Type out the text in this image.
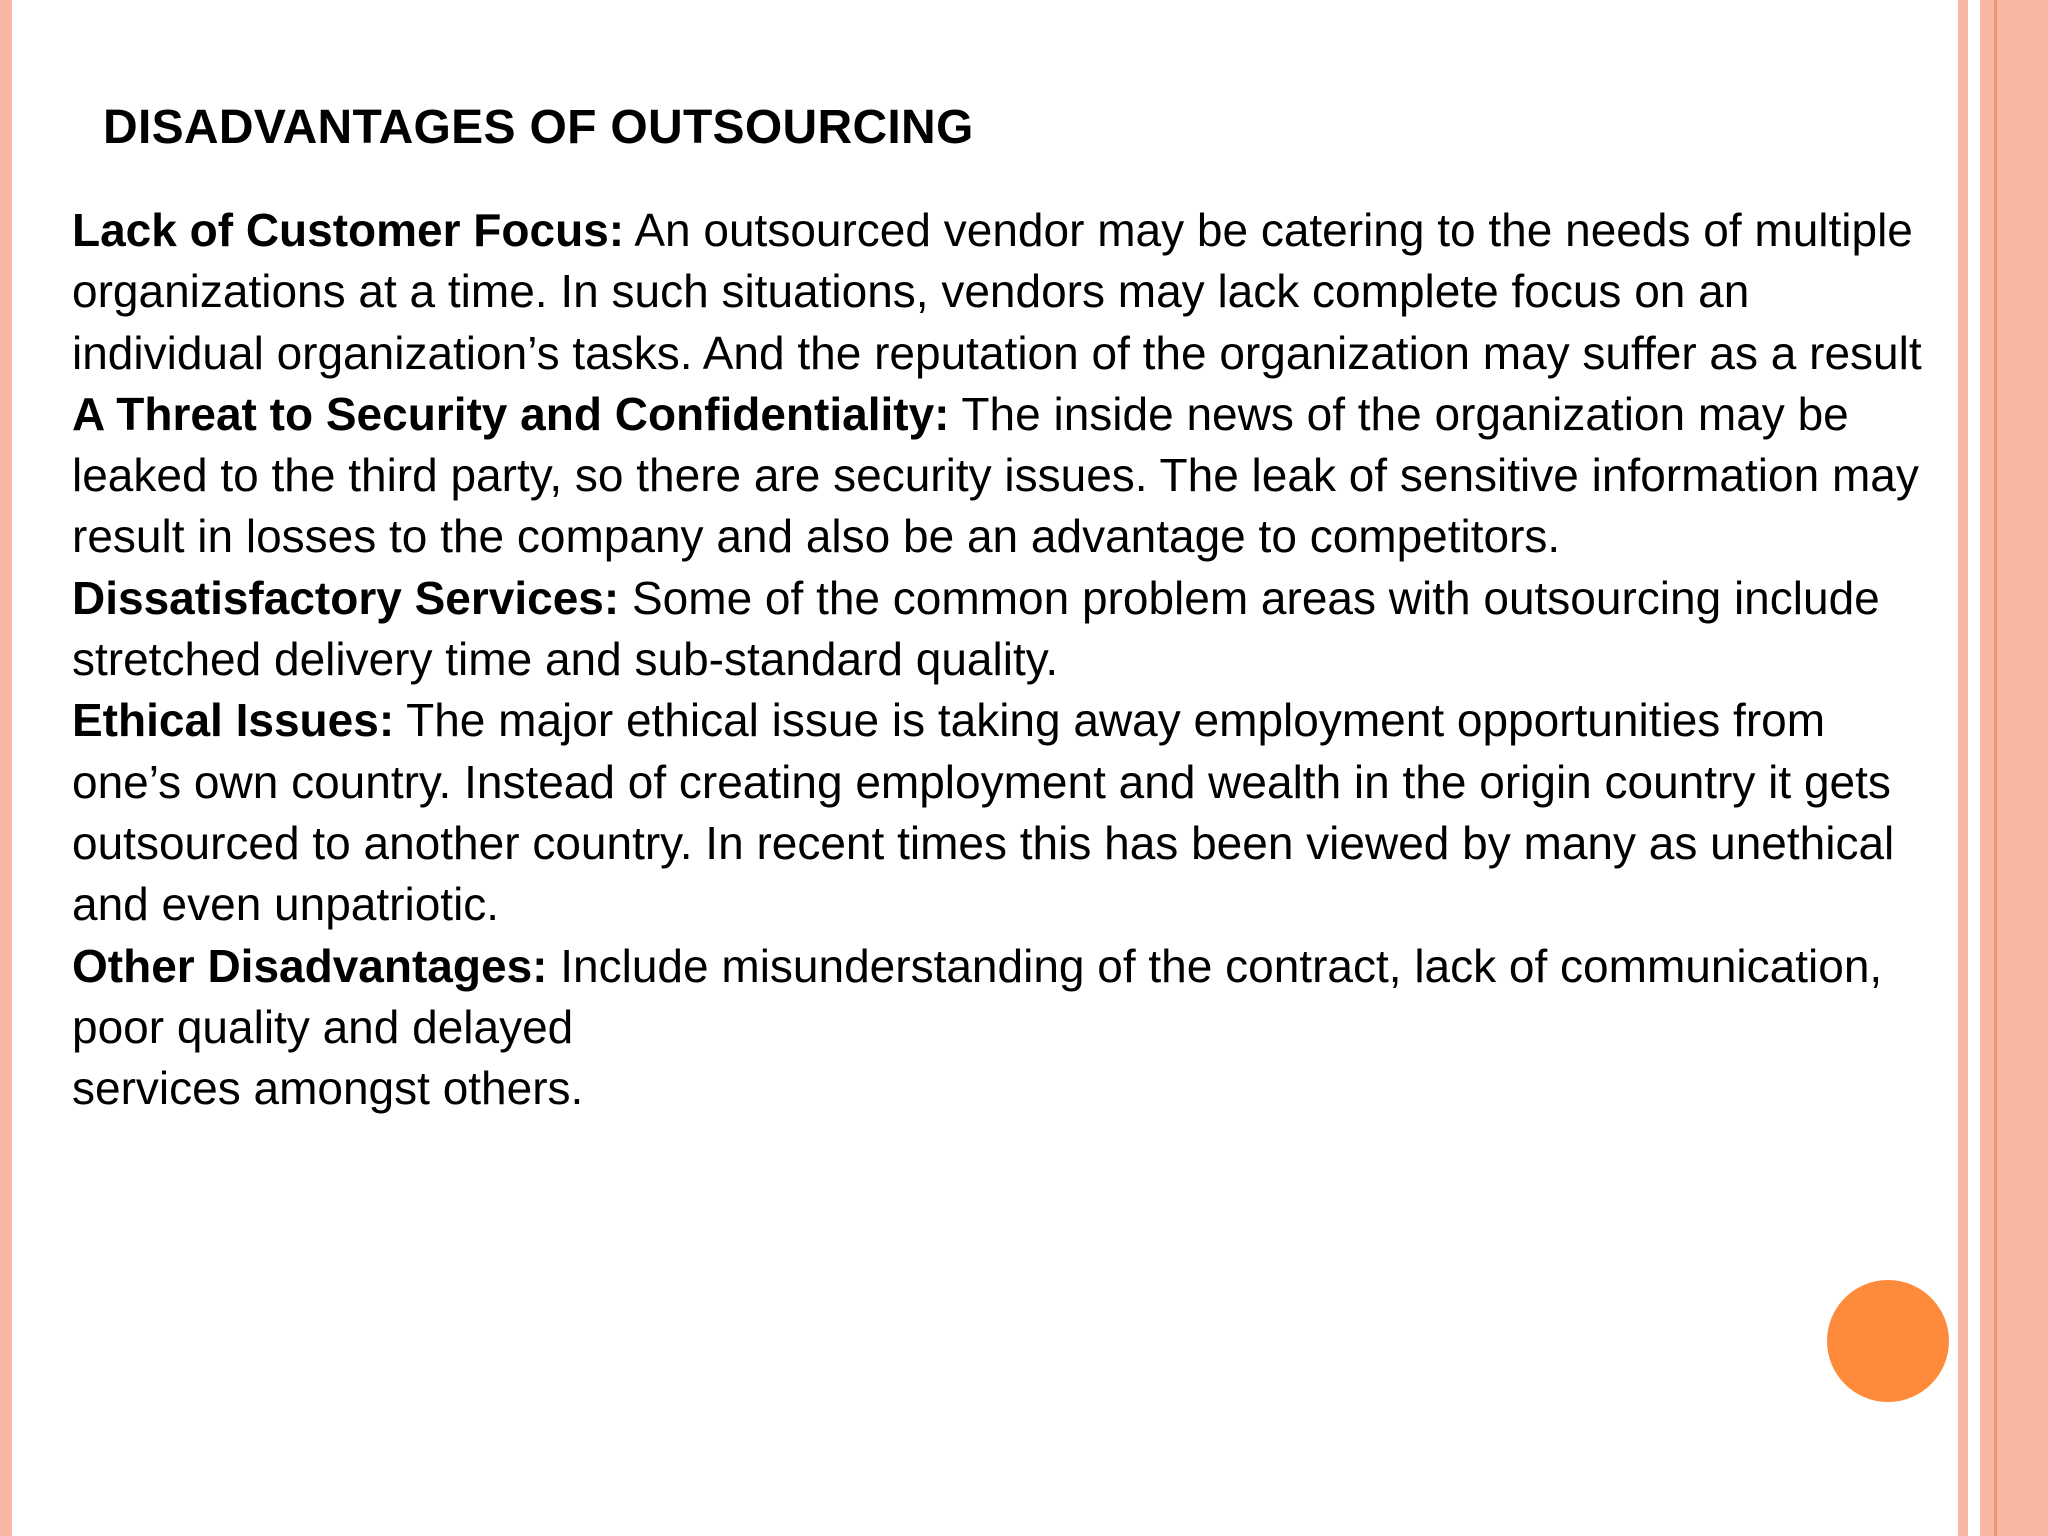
DISADVANTAGES OF OUTSOURCING

Lack of Customer Focus: An outsourced vendor may be catering to the needs of multiple organizations at a time. In such situations, vendors may lack complete focus on an individual organization’s tasks. And the reputation of the organization may suffer as a result

A Threat to Security and Confidentiality: The inside news of the organization may be leaked to the third party, so there are security issues. The leak of sensitive information may result in losses to the company and also be an advantage to competitors.

Dissatisfactory Services: Some of the common problem areas with outsourcing include stretched delivery time and sub-standard quality.

Ethical Issues: The major ethical issue is taking away employment opportunities from one’s own country. Instead of creating employment and wealth in the origin country it gets outsourced to another country. In recent times this has been viewed by many as unethical and even unpatriotic.

Other Disadvantages: Include misunderstanding of the contract, lack of communication, poor quality and delayed

services amongst others.
